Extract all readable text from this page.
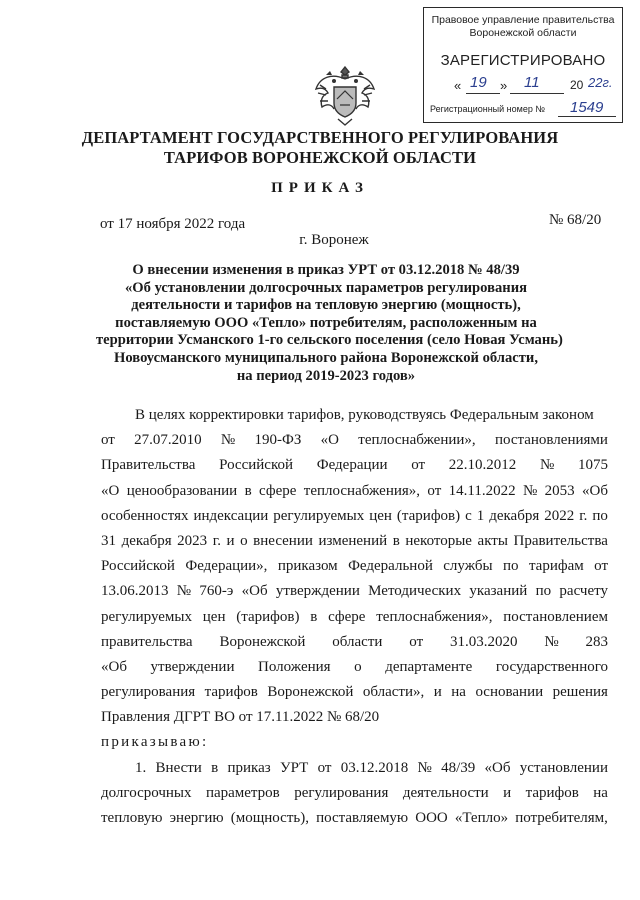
Правовое управление правительства
Воронежской области
ЗАРЕГИСТРИРОВАНО
« 19 » 11	20 22г.
Регистрационный номер № 1549
ДЕПАРТАМЕНТ ГОСУДАРСТВЕННОГО РЕГУЛИРОВАНИЯ
ТАРИФОВ ВОРОНЕЖСКОЙ ОБЛАСТИ
ПРИКАЗ
от 17 ноября 2022 года	№ 68/20
г. Воронеж
О внесении изменения в приказ УРТ от 03.12.2018 № 48/39
«Об установлении долгосрочных параметров регулирования
деятельности и тарифов на тепловую энергию (мощность),
поставляемую ООО «Тепло» потребителям, расположенным на
территории Усманского 1-го сельского поселения (село Новая Усмань)
Новоусманского муниципального района Воронежской области,
на период 2019-2023 годов»
В целях корректировки тарифов, руководствуясь Федеральным законом
от 27.07.2010 № 190-ФЗ «О теплоснабжении», постановлениями
Правительства Российской Федерации от 22.10.2012 № 1075
«О ценообразовании в сфере теплоснабжения», от 14.11.2022 № 2053 «Об
особенностях индексации регулируемых цен (тарифов) с 1 декабря 2022 г. по
31 декабря 2023 г. и о внесении изменений в некоторые акты Правительства
Российской Федерации», приказом Федеральной службы по тарифам от
13.06.2013 № 760-э «Об утверждении Методических указаний по расчету
регулируемых цен (тарифов) в сфере теплоснабжения», постановлением
правительства Воронежской области от 31.03.2020 № 283
«Об утверждении Положения о департаменте государственного
регулирования тарифов Воронежской области», и на основании решения
Правления ДГРТ ВО от 17.11.2022 № 68/20
приказываю:
1. Внести в приказ УРТ от 03.12.2018 № 48/39 «Об установлении
долгосрочных параметров регулирования деятельности и тарифов на
тепловую энергию (мощность), поставляемую ООО «Тепло» потребителям,
